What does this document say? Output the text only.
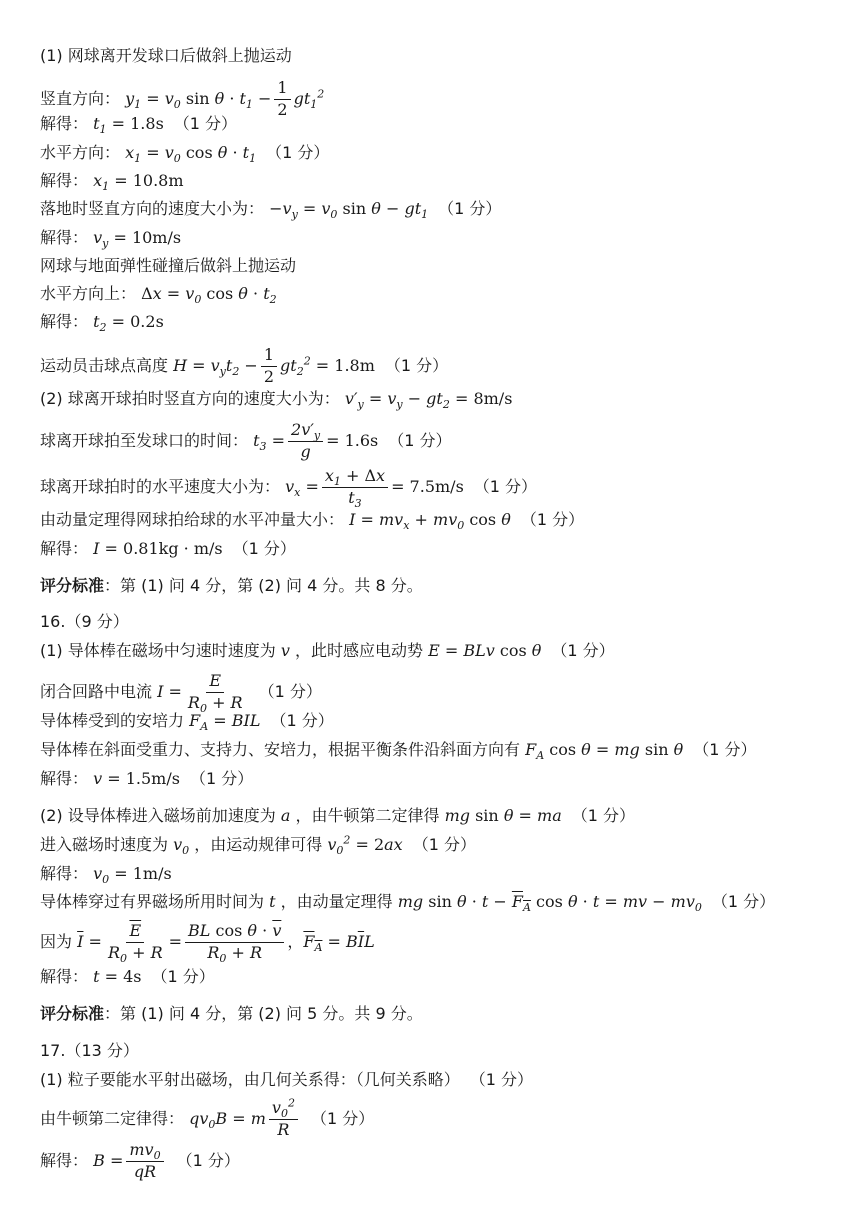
(1) 网球离开发球口后做斜上抛运动
竖直方向： $y_1 = v_0$ $\sin \theta \cdot t_1 - \frac{1}{2} gt_1^2$
解得： $t_1 = 1.8s$ （1 分）
水平方向： $x_1 = v_0$ $\cos \theta \cdot t_1$ （1 分）
解得： $x_1 = 10.8m$
落地时竖直方向的速度大小为： $-v_y = v_0$ $\sin \theta - gt_1$ （1 分）
解得： $v_y = 10m/s$
网球与地面弹性碰撞后做斜上抛运动
水平方向上： $\Delta x = v_0$ $\cos \theta \cdot t_2$
解得： $t_2 = 0.2s$
运动员击球点高度 $H = v_yt_2 - \frac{1}{2} gt_2^2 = 1.8m$ （1 分）
(2) 球离开球拍时竖直方向的速度大小为： $v'_y = v_y - gt_2 = 8m/s$
球离开球拍至发球口的时间： $t_3 = \frac{2v'_y}{g} = 1.6s$ （1 分）
球离开球拍时的水平速度大小为： $v_x = \frac{x_1 + \Delta x}{t_3} = 7.5m/s$ （1 分）
由动量定理得网球拍给球的水平冲量大小： $I = mv_x + mv_0$ cos θ （1 分）
解得： I = 0.81kg · m/s （1 分）
评分标准 ：第 (1) 问 4 分，第 (2) 问 4 分。共 8 分。
16.（9 分）
(1) 导体棒在磁场中匀速时速度为 v ，此时感应电动势 E = BLv cos θ （1 分）
闭合回路中电流 $I = \frac{E}{R_0 + R} (1$ 分）
导体棒受到的安培力 $F_A$ = BIL （1 分）
导体棒在斜面受重力、支持力、安培力，根据平衡条件沿斜面方向有 $F_A$ cos θ = mg sin θ （1 分）
解得： v = 1.5m/s （1 分）
(2) 设导体棒进入磁场前加速度为 a ，由牛顿第二定律得 mg sin θ = ma （1 分）
进入磁场时速度为 $v_0$ ，由运动规律可得 $v_0^2 = 2ax$ （1 分）
解得： $v_0 = 1m/s$
导体棒穿过有界磁场所用时间为 t ，由动量定理得 mg $\sin \theta \cdot t - F_A$ cos θ · t = mv − $mv_0$ （1 分）
因为 $\overline{I} = \frac{\overline{E}}{R_0 + R} = \frac{BL \cos \theta \cdot \overline{v}}{R_0 + R}$ ， $F_A = B\overline{I}L$
解得： t = 4s （1 分）
评分标准 ：第 (1) 问 4 分，第 (2) 问 5 分。共 9 分。
17.（13 分）
(1) 粒子要能水平射出磁场，由几何关系得：（几何关系略） （1 分）
由牛顿第二定律得： $qv_0B = m \frac{v_0^2}{R} (1$ 分）
解得： $B = \frac{mv_0}{qR} (1$ 分）
